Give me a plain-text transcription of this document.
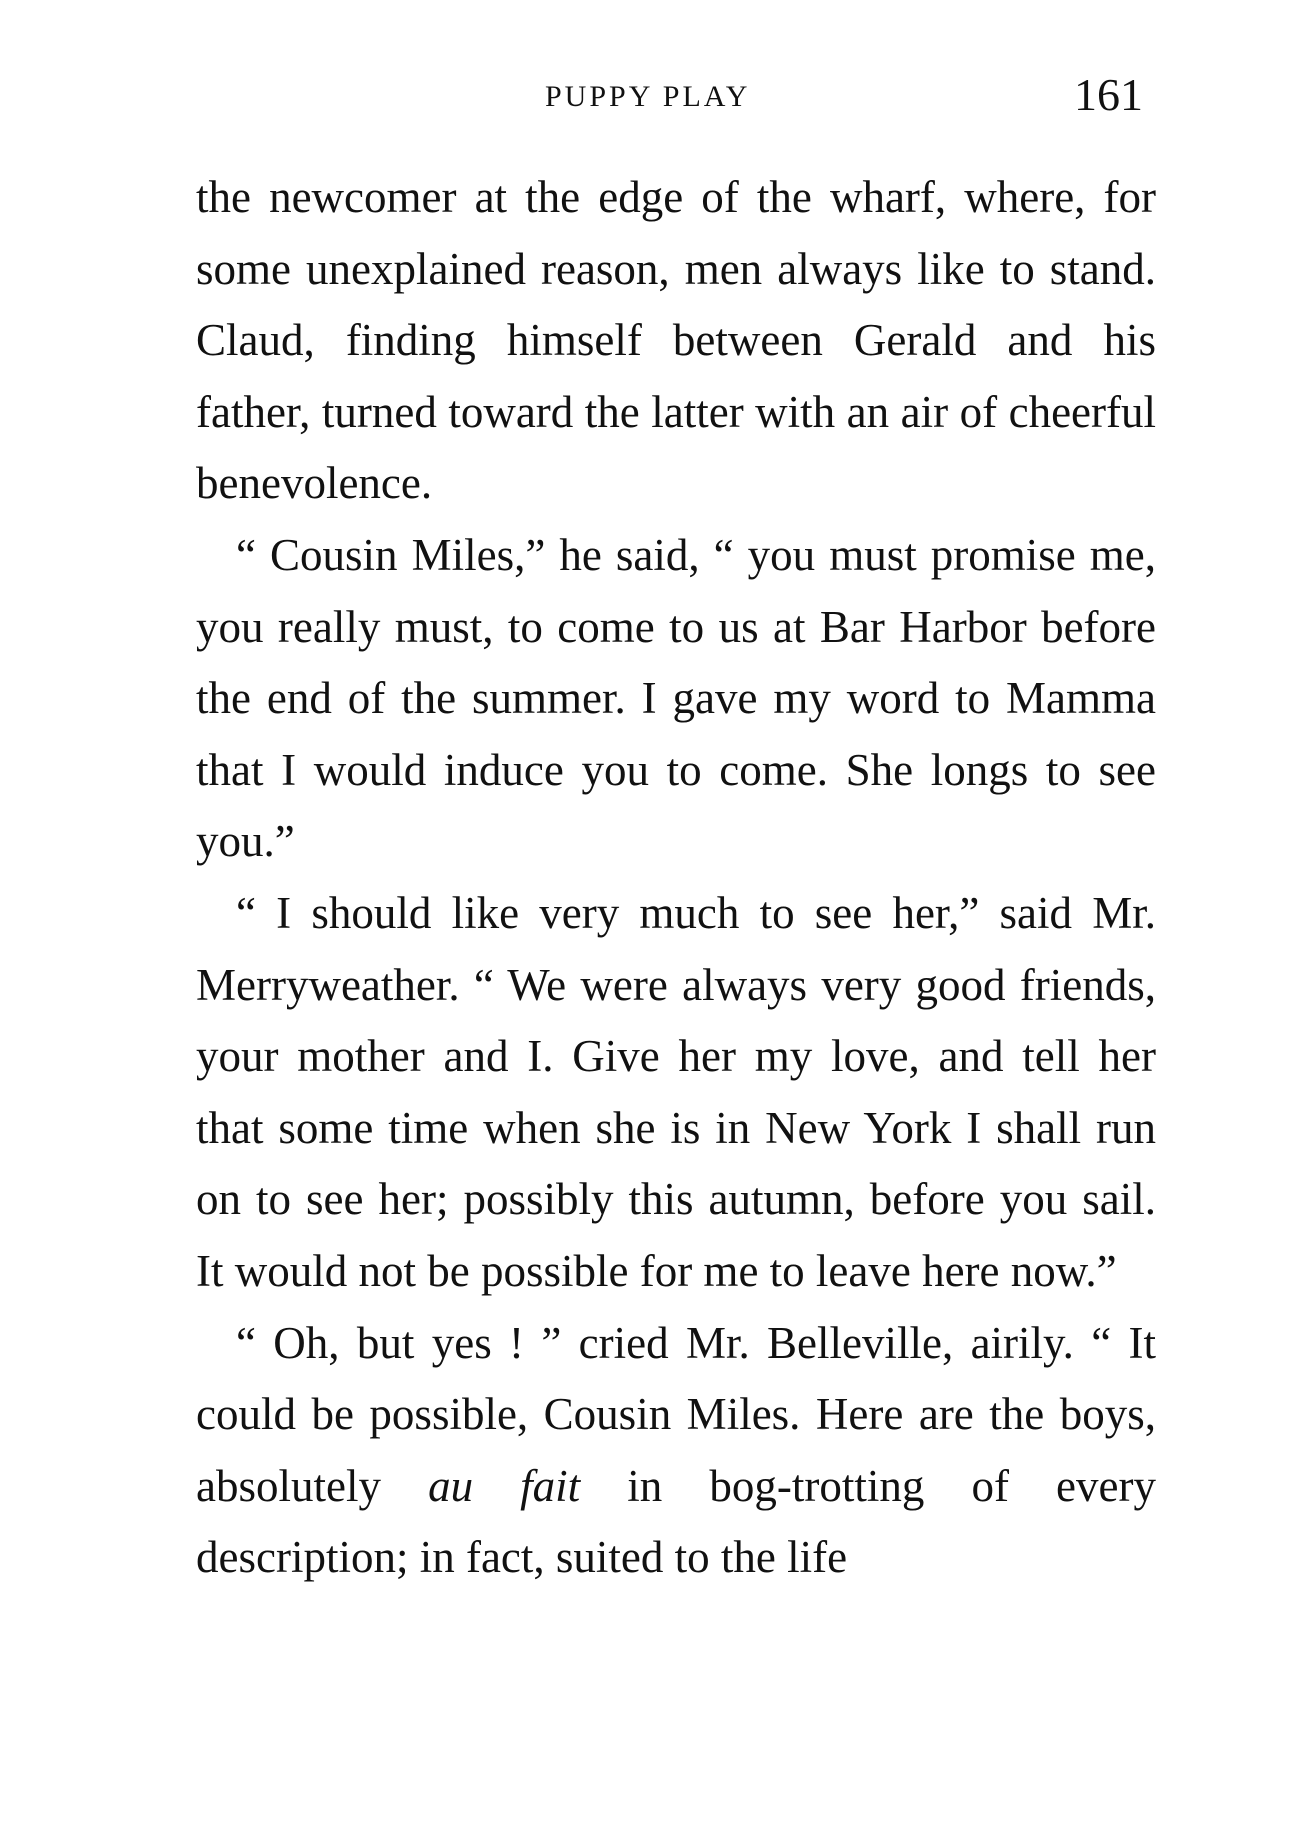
PUPPY PLAY	161

the newcomer at the edge of the wharf, where, for some unexplained reason, men always like to stand. Claud, finding himself between Gerald and his father, turned toward the latter with an air of cheerful benevolence.

“ Cousin Miles,” he said, “ you must promise me, you really must, to come to us at Bar Harbor before the end of the summer. I gave my word to Mamma that I would induce you to come. She longs to see you.”

“ I should like very much to see her,” said Mr. Merryweather. “ We were always very good friends, your mother and I. Give her my love, and tell her that some time when she is in New York I shall run on to see her; possibly this autumn, before you sail. It would not be possible for me to leave here now.”

“ Oh, but yes ! ” cried Mr. Belleville, airily. “ It could be possible, Cousin Miles. Here are the boys, absolutely au fait in bog-trotting of every description; in fact, suited to the life
